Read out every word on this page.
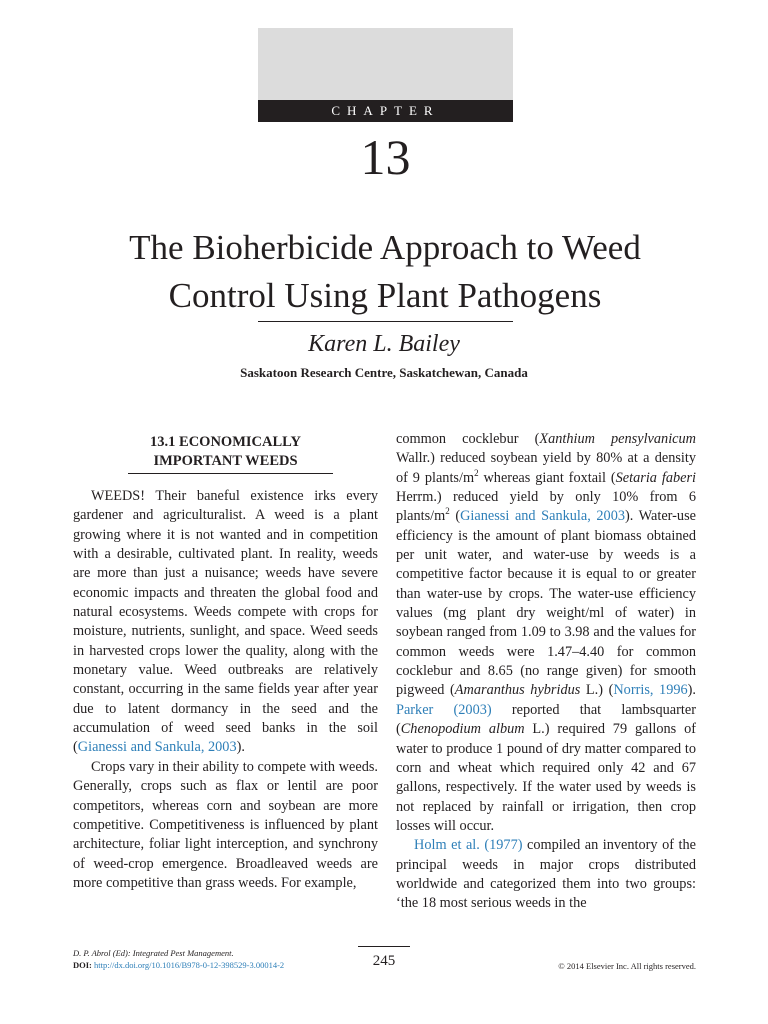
CHAPTER
13
The Bioherbicide Approach to Weed
Control Using Plant Pathogens
Karen L. Bailey
Saskatoon Research Centre, Saskatchewan, Canada
13.1 ECONOMICALLY
IMPORTANT WEEDS

WEEDS! Their baneful existence irks every gardener and agriculturalist. A weed is a plant growing where it is not wanted and in competition with a desirable, cultivated plant. In reality, weeds are more than just a nuisance; weeds have severe economic impacts and threaten the global food and natural ecosystems. Weeds compete with crops for moisture, nutrients, sunlight, and space. Weed seeds in harvested crops lower the quality, along with the monetary value. Weed outbreaks are relatively constant, occurring in the same fields year after year due to latent dormancy in the seed and the accumulation of weed seed banks in the soil (Gianessi and Sankula, 2003).

Crops vary in their ability to compete with weeds. Generally, crops such as flax or lentil are poor competitors, whereas corn and soybean are more competitive. Competitiveness is influenced by plant architecture, foliar light interception, and synchrony of weed-crop emergence. Broadleaved weeds are more competitive than grass weeds. For example,

common cocklebur (Xanthium pensylvanicum Wallr.) reduced soybean yield by 80% at a density of 9 plants/$m^2$ whereas giant foxtail (Setaria faberi Herrm.) reduced yield by only 10% from 6 plants/$m^2$ (Gianessi and Sankula, 2003). Water-use efficiency is the amount of plant biomass obtained per unit water, and water-use by weeds is a competitive factor because it is equal to or greater than water-use by crops. The water-use efficiency values (mg plant dry weight/ml of water) in soybean ranged from 1.09 to 3.98 and the values for common weeds were 1.47–4.40 for common cocklebur and 8.65 (no range given) for smooth pigweed (Amaranthus hybridus L.) (Norris, 1996). Parker (2003) reported that lambsquarter (Chenopodium album L.) required 79 gallons of water to produce 1 pound of dry matter compared to corn and wheat which required only 42 and 67 gallons, respectively. If the water used by weeds is not replaced by rainfall or irrigation, then crop losses will occur.

Holm et al. (1977) compiled an inventory of the principal weeds in major crops distributed worldwide and categorized them into two groups: ‘the 18 most serious weeds in the

D. P. Abrol (Ed): Integrated Pest Management.
DOI: http://dx.doi.org/10.1016/B978-0-12-398529-3.00014-2	245	© 2014 Elsevier Inc. All rights reserved.
